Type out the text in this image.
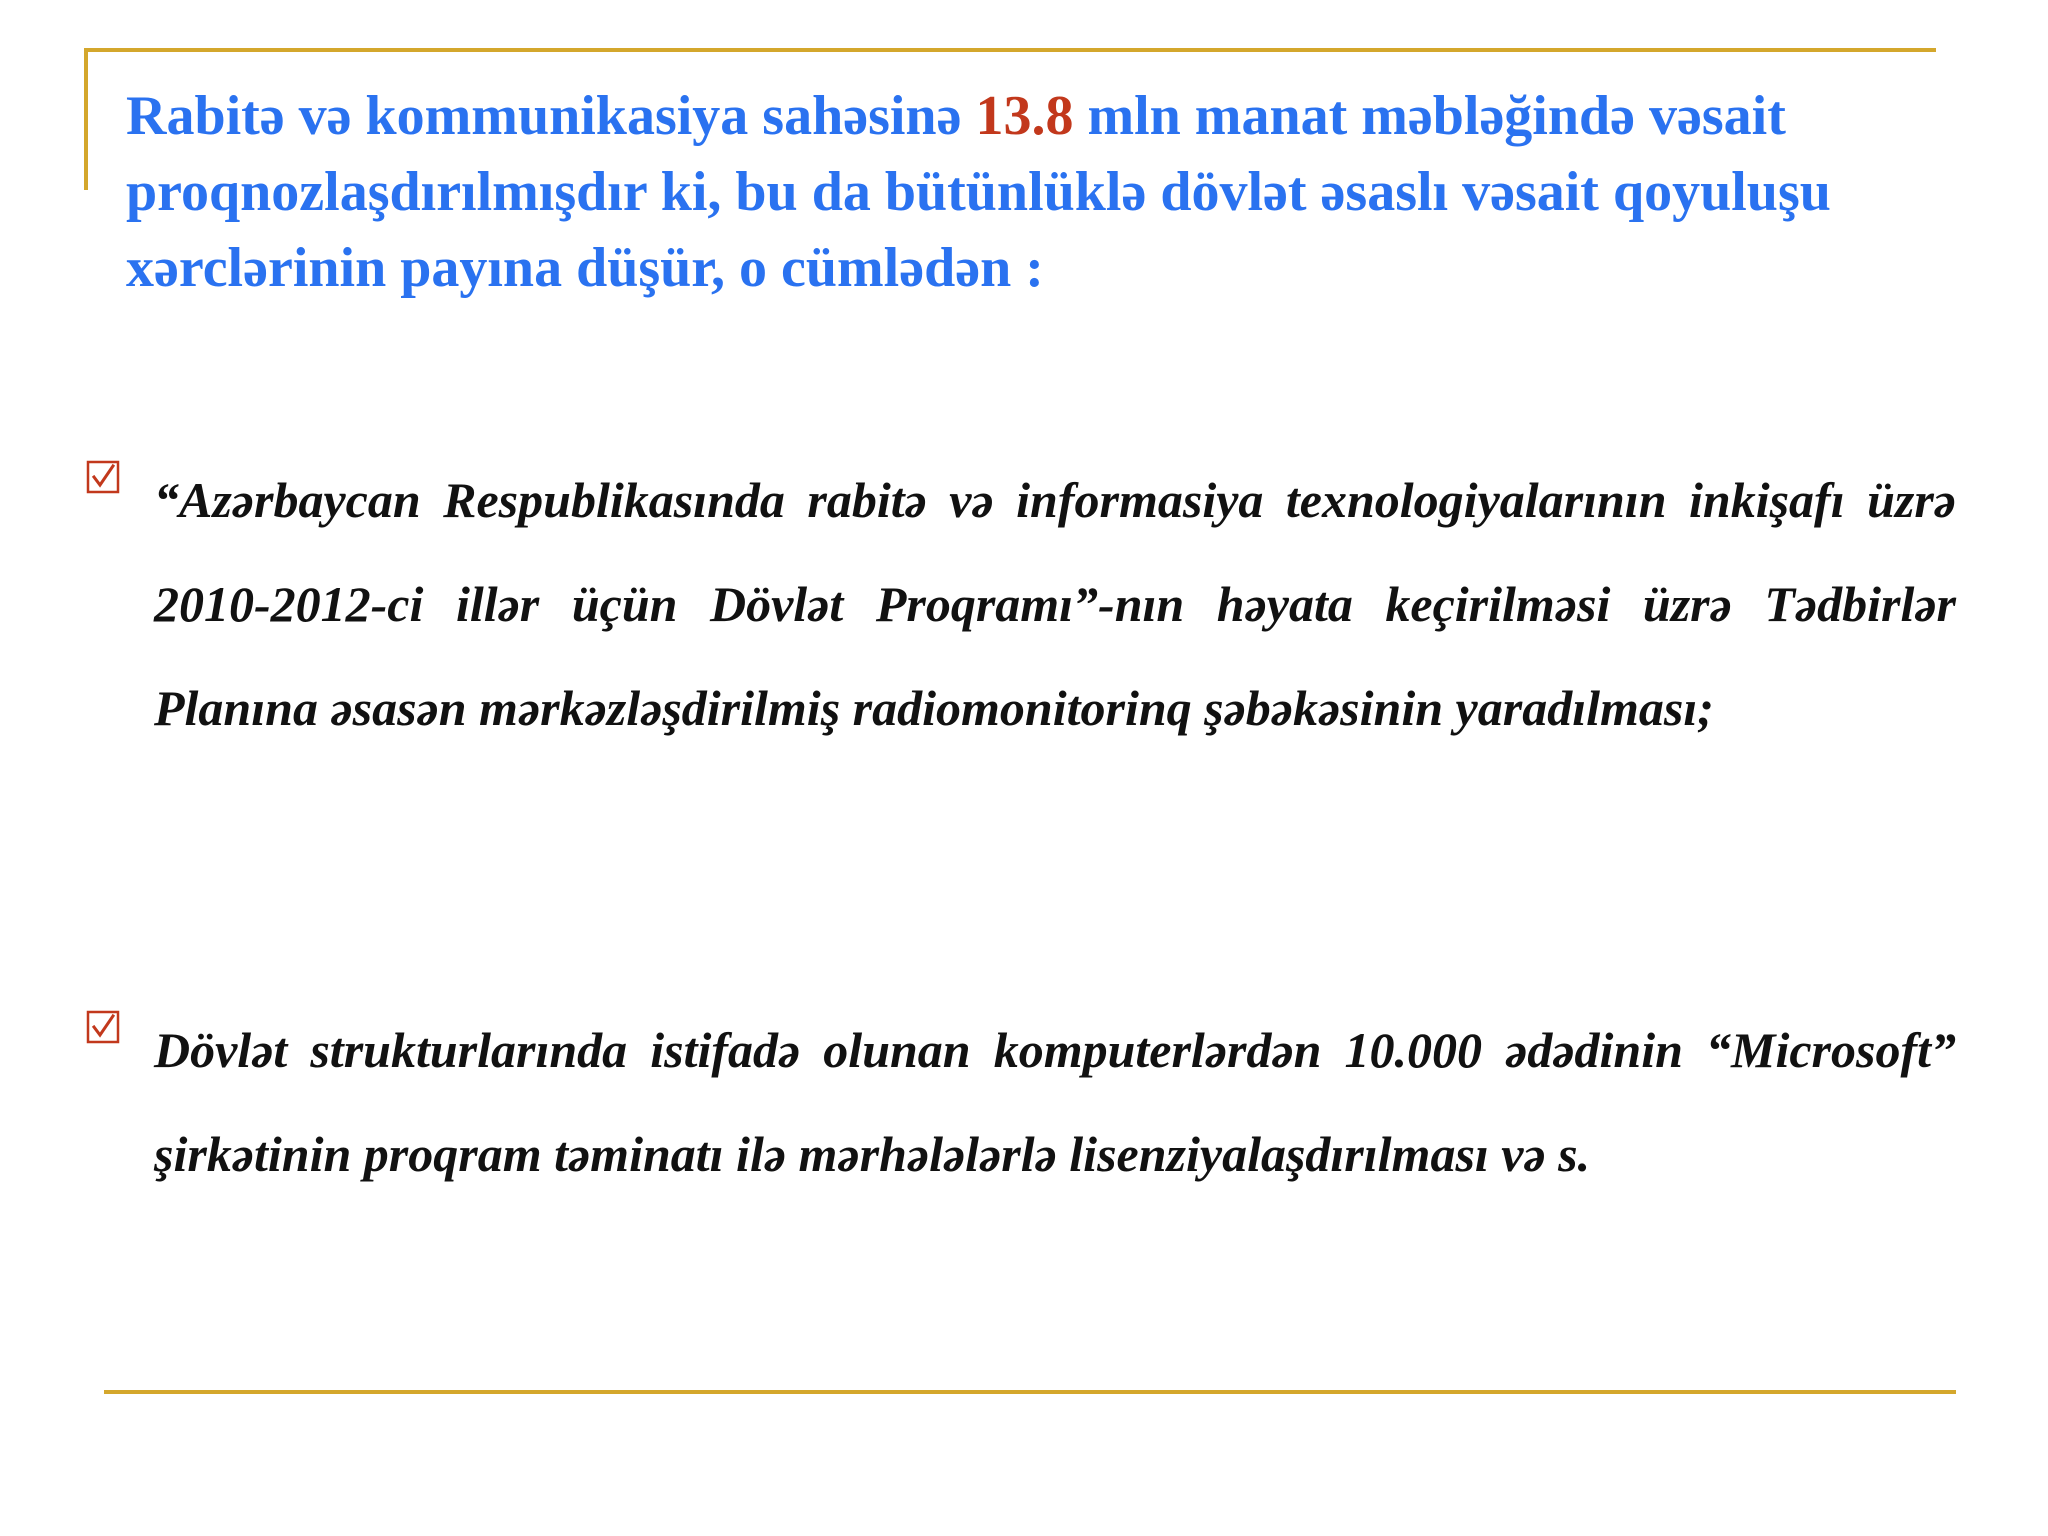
Rabitə və kommunikasiya sahəsinə 13.8 mln manat məbləğində vəsait proqnozlaşdırılmışdır ki, bu da bütünlüklə dövlət əsaslı vəsait qoyuluşu xərclərinin payına düşür, o cümlədən :

“Azərbaycan Respublikasında rabitə və informasiya texnologiyalarının inkişafı üzrə 2010-2012-ci illər üçün Dövlət Proqramı”-nın həyata keçirilməsi üzrə Tədbirlər Planına əsasən mərkəzləşdirilmiş radiomonitorinq şəbəkəsinin yaradılması;

Dövlət strukturlarında istifadə olunan komputerlərdən 10.000 ədədinin “Microsoft” şirkətinin proqram təminatı ilə mərhələlərlə lisenziyalaşdırılması və s.
